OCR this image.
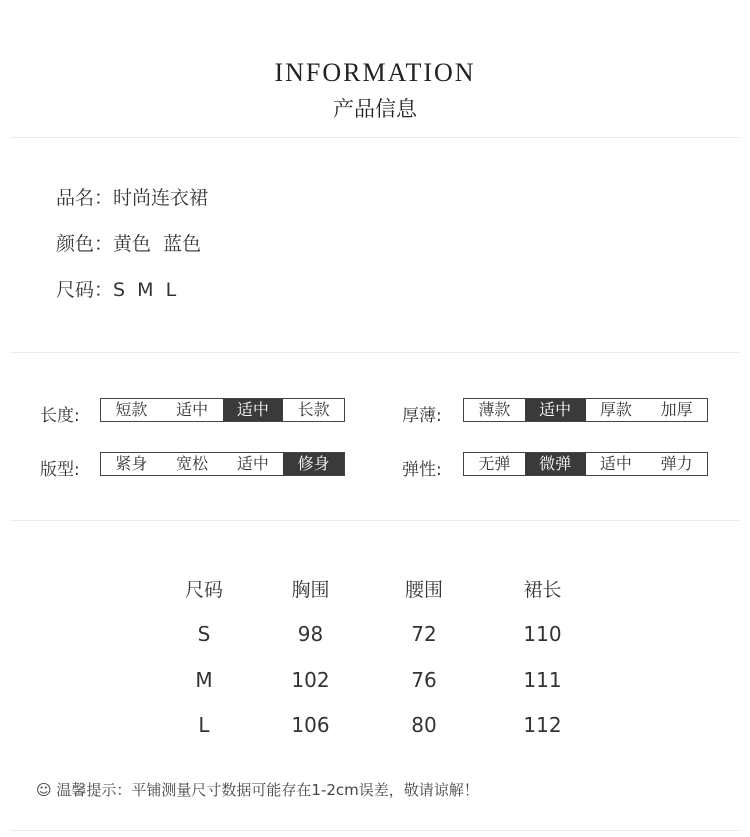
INFORMATION
产品信息
品名：时尚连衣裙
颜色：黄色  蓝色
尺码：S  M  L
长度:	短款	适中	适中	长款	厚薄:	薄款	适中	厚款	加厚
版型:	紧身	宽松	适中	修身	弹性:	无弹	微弹	适中	弹力
尺码	胸围	腰围	裙长
S	98	72	110
M	102	76	111
L	106	80	112
☺ 温馨提示：平铺测量尺寸数据可能存在1-2cm误差，敬请谅解！
